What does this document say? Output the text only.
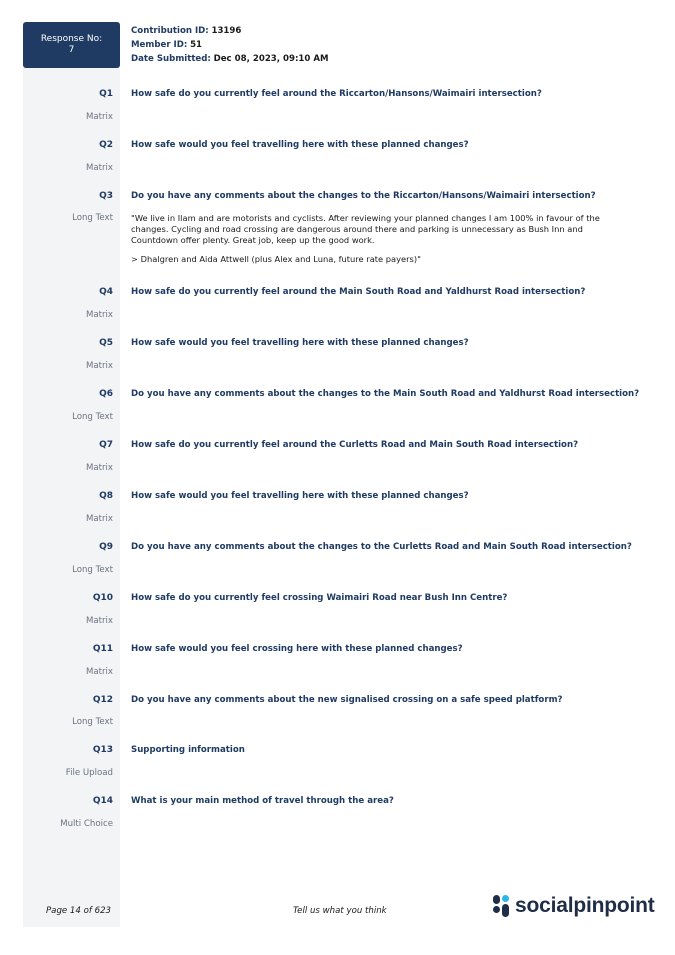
Response No:
7
Contribution ID: 13196
Member ID: 51
Date Submitted: Dec 08, 2023, 09:10 AM
Q1 How safe do you currently feel around the Riccarton/Hansons/Waimairi intersection?
Matrix
Q2 How safe would you feel travelling here with these planned changes?
Matrix
Q3 Do you have any comments about the changes to the Riccarton/Hansons/Waimairi intersection?
Long Text "We live in Ilam and are motorists and cyclists. After reviewing your planned changes I am 100% in favour of the changes. Cycling and road crossing are dangerous around there and parking is unnecessary as Bush Inn and Countdown offer plenty. Great job, keep up the good work.

> Dhalgren and Aida Attwell (plus Alex and Luna, future rate payers)"

Q4 How safe do you currently feel around the Main South Road and Yaldhurst Road intersection?
Matrix
Q5 How safe would you feel travelling here with these planned changes?
Matrix
Q6 Do you have any comments about the changes to the Main South Road and Yaldhurst Road intersection?
Long Text
Q7 How safe do you currently feel around the Curletts Road and Main South Road intersection?
Matrix
Q8 How safe would you feel travelling here with these planned changes?
Matrix
Q9 Do you have any comments about the changes to the Curletts Road and Main South Road intersection?
Long Text
Q10 How safe do you currently feel crossing Waimairi Road near Bush Inn Centre?
Matrix
Q11 How safe would you feel crossing here with these planned changes?
Matrix
Q12 Do you have any comments about the new signalised crossing on a safe speed platform?
Long Text
Q13 Supporting information
File Upload
Q14 What is your main method of travel through the area?
Multi Choice
Page 14 of 623	Tell us what you think	socialpinpoint
